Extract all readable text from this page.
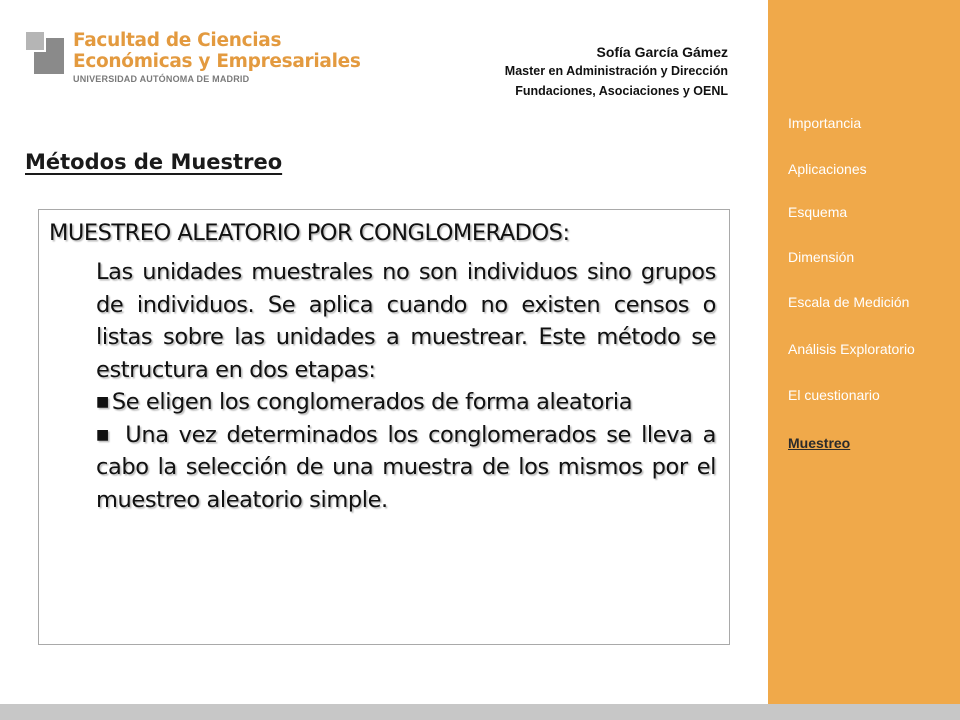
Facultad de Ciencias
Económicas y Empresariales
UNIVERSIDAD AUTÓNOMA DE MADRID
Sofía García Gámez
Master en Administración y Dirección
Fundaciones, Asociaciones y OENL
Métodos de Muestreo
MUESTREO ALEATORIO POR CONGLOMERADOS:

Las unidades muestrales no son individuos sino grupos de individuos. Se aplica cuando no existen censos o listas sobre las unidades a muestrear. Este método se estructura en dos etapas:

■ Se eligen los conglomerados de forma aleatoria

■ Una vez determinados los conglomerados se lleva a cabo la selección de una muestra de los mismos por el muestreo aleatorio simple.

Importancia
Aplicaciones
Esquema
Dimensión
Escala de Medición
Análisis Exploratorio
El cuestionario
Muestreo
